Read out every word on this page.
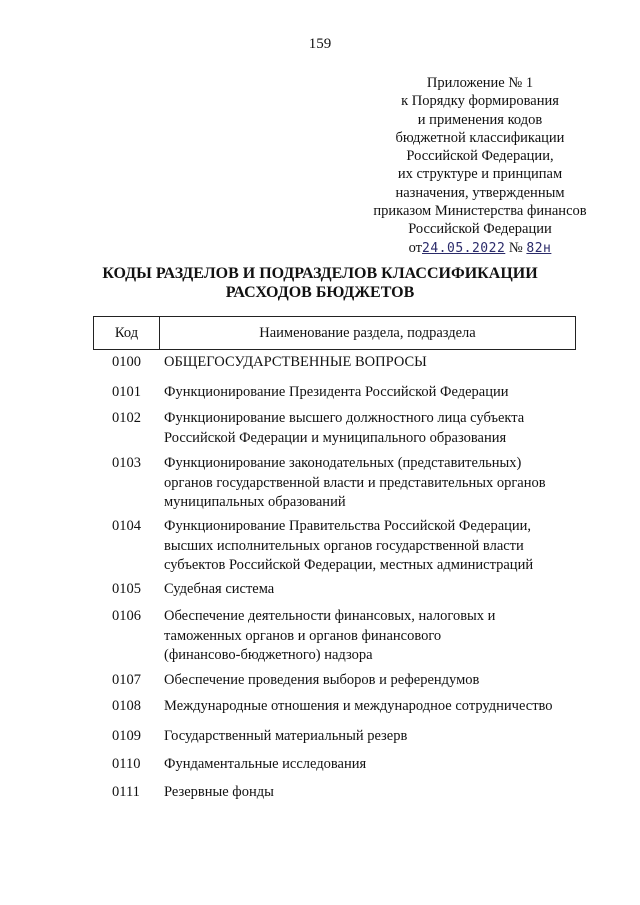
159
Приложение № 1
к Порядку формирования
и применения кодов
бюджетной классификации
Российской Федерации,
их структуре и принципам
назначения, утвержденным
приказом Министерства финансов
Российской Федерации
от24.05.2022 № 82н
КОДЫ РАЗДЕЛОВ И ПОДРАЗДЕЛОВ КЛАССИФИКАЦИИ
РАСХОДОВ БЮДЖЕТОВ
Код	Наименование раздела, подраздела
0100	ОБЩЕГОСУДАРСТВЕННЫЕ ВОПРОСЫ
0101	Функционирование Президента Российской Федерации
0102	Функционирование высшего должностного лица субъекта
Российской Федерации и муниципального образования
0103	Функционирование законодательных (представительных)
органов государственной власти и представительных органов
муниципальных образований
0104	Функционирование Правительства Российской Федерации,
высших исполнительных органов государственной власти
субъектов Российской Федерации, местных администраций
0105	Судебная система
0106	Обеспечение деятельности финансовых, налоговых и
таможенных органов и органов финансового
(финансово-бюджетного) надзора
0107	Обеспечение проведения выборов и референдумов
0108	Международные отношения и международное сотрудничество
0109	Государственный материальный резерв
0110	Фундаментальные исследования
0111	Резервные фонды
